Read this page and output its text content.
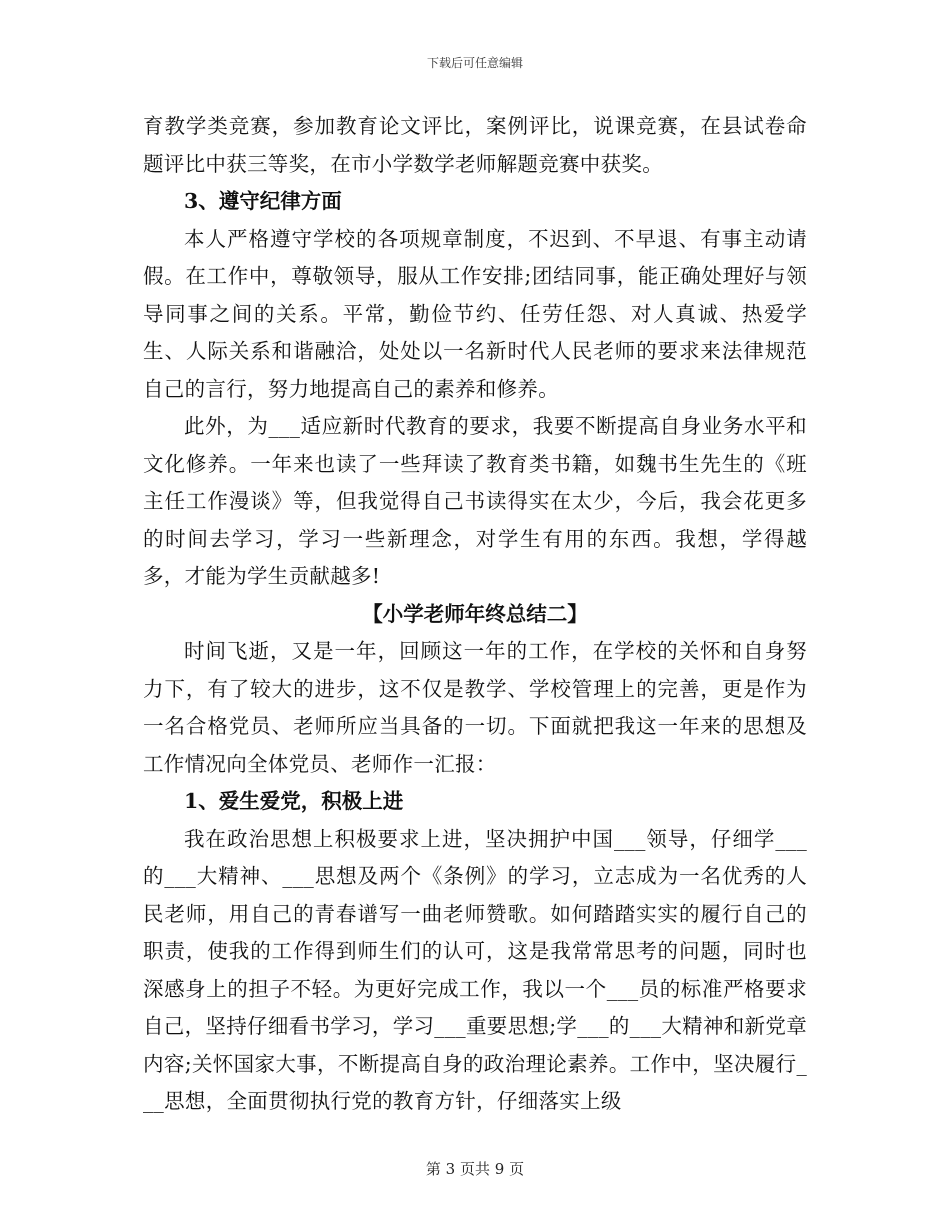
下载后可任意编辑

育教学类竞赛，参加教育论文评比，案例评比，说课竞赛，在县试卷命题评比中获三等奖，在市小学数学老师解题竞赛中获奖。

3、遵守纪律方面

本人严格遵守学校的各项规章制度，不迟到、不早退、有事主动请假。在工作中，尊敬领导，服从工作安排;团结同事，能正确处理好与领导同事之间的关系。平常，勤俭节约、任劳任怨、对人真诚、热爱学生、人际关系和谐融洽，处处以一名新时代人民老师的要求来法律规范自己的言行，努力地提高自己的素养和修养。

此外，为___适应新时代教育的要求，我要不断提高自身业务水平和文化修养。一年来也读了一些拜读了教育类书籍，如魏书生先生的《班主任工作漫谈》等，但我觉得自己书读得实在太少，今后，我会花更多的时间去学习，学习一些新理念，对学生有用的东西。我想，学得越多，才能为学生贡献越多!

【小学老师年终总结二】

时间飞逝，又是一年，回顾这一年的工作，在学校的关怀和自身努力下，有了较大的进步，这不仅是教学、学校管理上的完善，更是作为一名合格党员、老师所应当具备的一切。下面就把我这一年来的思想及工作情况向全体党员、老师作一汇报：

1、爱生爱党，积极上进

我在政治思想上积极要求上进，坚决拥护中国___领导，仔细学___的___大精神、___思想及两个《条例》的学习，立志成为一名优秀的人民老师，用自己的青春谱写一曲老师赞歌。如何踏踏实实的履行自己的职责，使我的工作得到师生们的认可，这是我常常思考的问题，同时也深感身上的担子不轻。为更好完成工作，我以一个___员的标准严格要求自己，坚持仔细看书学习，学习___重要思想;学___的___大精神和新党章内容;关怀国家大事，不断提高自身的政治理论素养。工作中，坚决履行___思想，全面贯彻执行党的教育方针，仔细落实上级

第 3 页共 9 页
